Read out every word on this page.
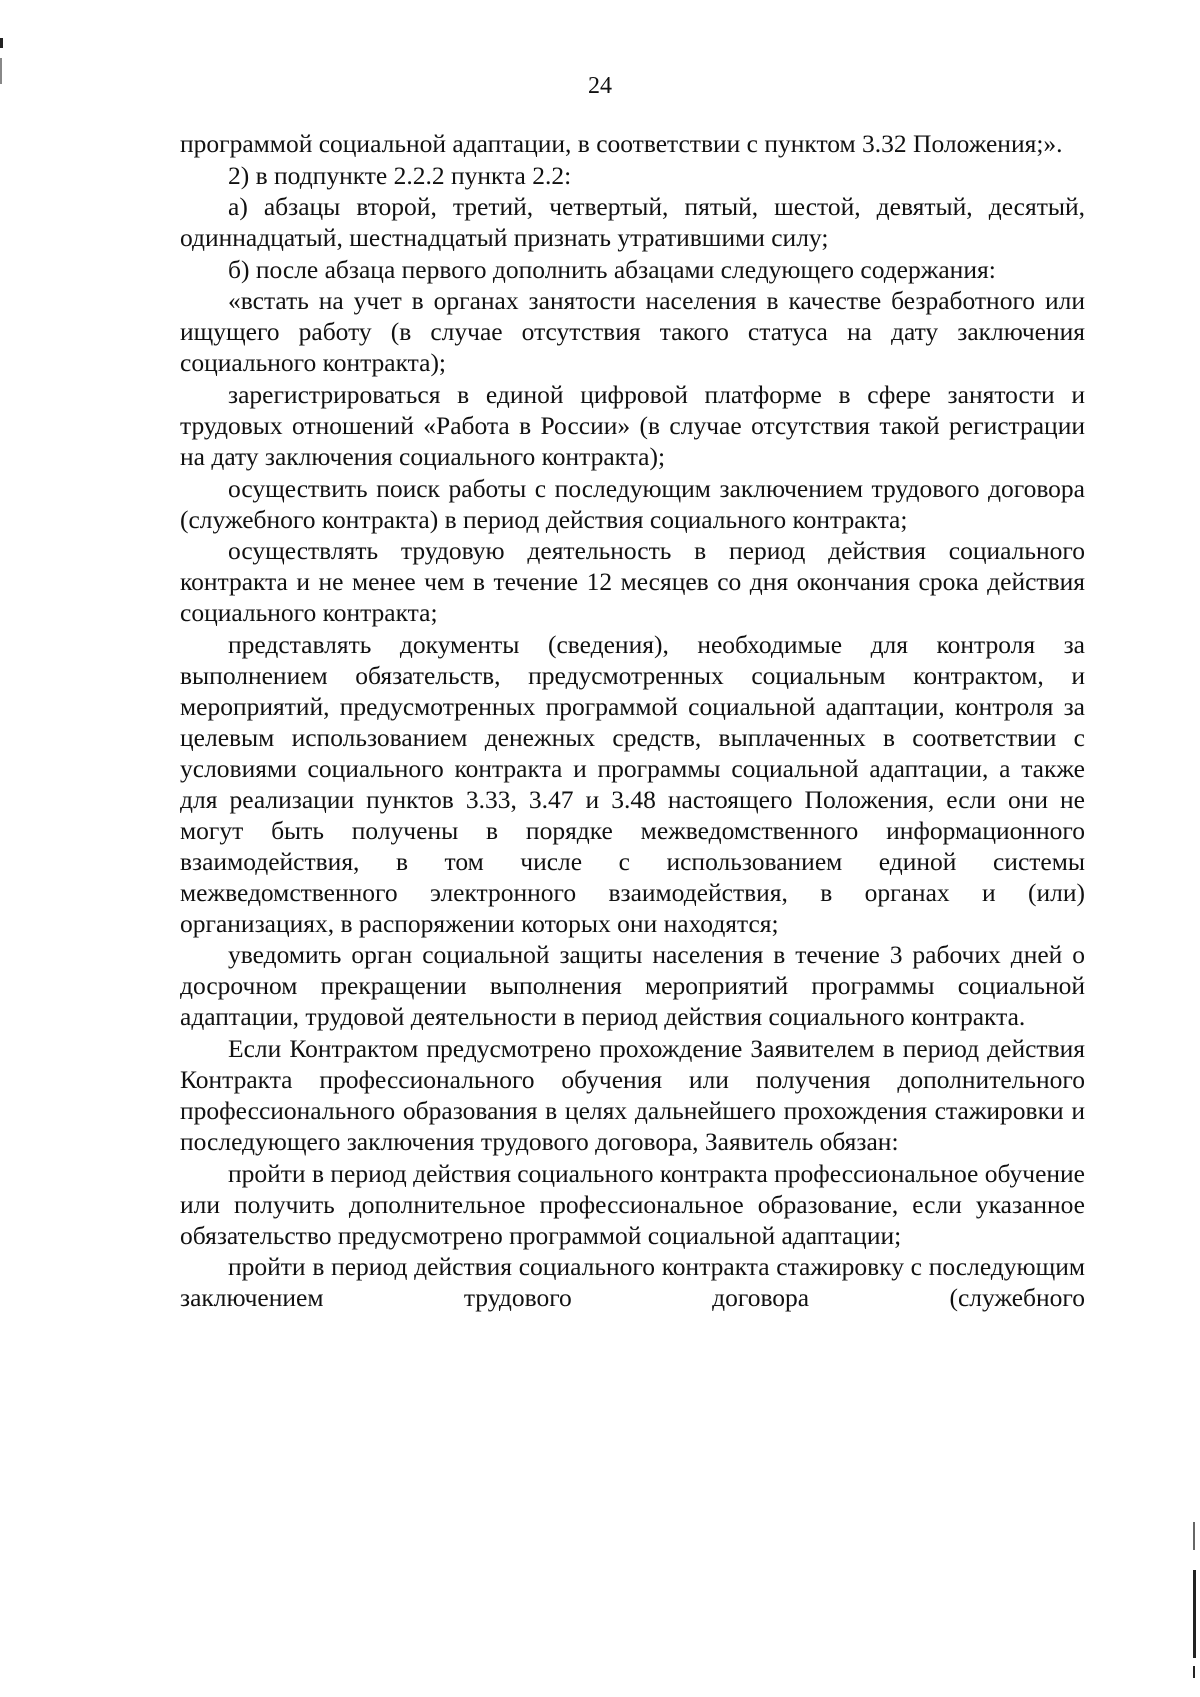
24

программой социальной адаптации, в соответствии с пунктом 3.32 Положения;».

2) в подпункте 2.2.2 пункта 2.2:

а) абзацы второй, третий, четвертый, пятый, шестой, девятый, десятый, одиннадцатый, шестнадцатый признать утратившими силу;

б) после абзаца первого дополнить абзацами следующего содержания:

«встать на учет в органах занятости населения в качестве безработного или ищущего работу (в случае отсутствия такого статуса на дату заключения социального контракта);

зарегистрироваться в единой цифровой платформе в сфере занятости и трудовых отношений «Работа в России» (в случае отсутствия такой регистрации на дату заключения социального контракта);

осуществить поиск работы с последующим заключением трудового договора (служебного контракта) в период действия социального контракта;

осуществлять трудовую деятельность в период действия социального контракта и не менее чем в течение 12 месяцев со дня окончания срока действия социального контракта;

представлять документы (сведения), необходимые для контроля за выполнением обязательств, предусмотренных социальным контрактом, и мероприятий, предусмотренных программой социальной адаптации, контроля за целевым использованием денежных средств, выплаченных в соответствии с условиями социального контракта и программы социальной адаптации, а также для реализации пунктов 3.33, 3.47 и 3.48 настоящего Положения, если они не могут быть получены в порядке межведомственного информационного взаимодействия, в том числе с использованием единой системы межведомственного электронного взаимодействия, в органах и (или) организациях, в распоряжении которых они находятся;

уведомить орган социальной защиты населения в течение 3 рабочих дней о досрочном прекращении выполнения мероприятий программы социальной адаптации, трудовой деятельности в период действия социального контракта.

Если Контрактом предусмотрено прохождение Заявителем в период действия Контракта профессионального обучения или получения дополнительного профессионального образования в целях дальнейшего прохождения стажировки и последующего заключения трудового договора, Заявитель обязан:

пройти в период действия социального контракта профессиональное обучение или получить дополнительное профессиональное образование, если указанное обязательство предусмотрено программой социальной адаптации;

пройти в период действия социального контракта стажировку с последующим заключением трудового договора (служебного
